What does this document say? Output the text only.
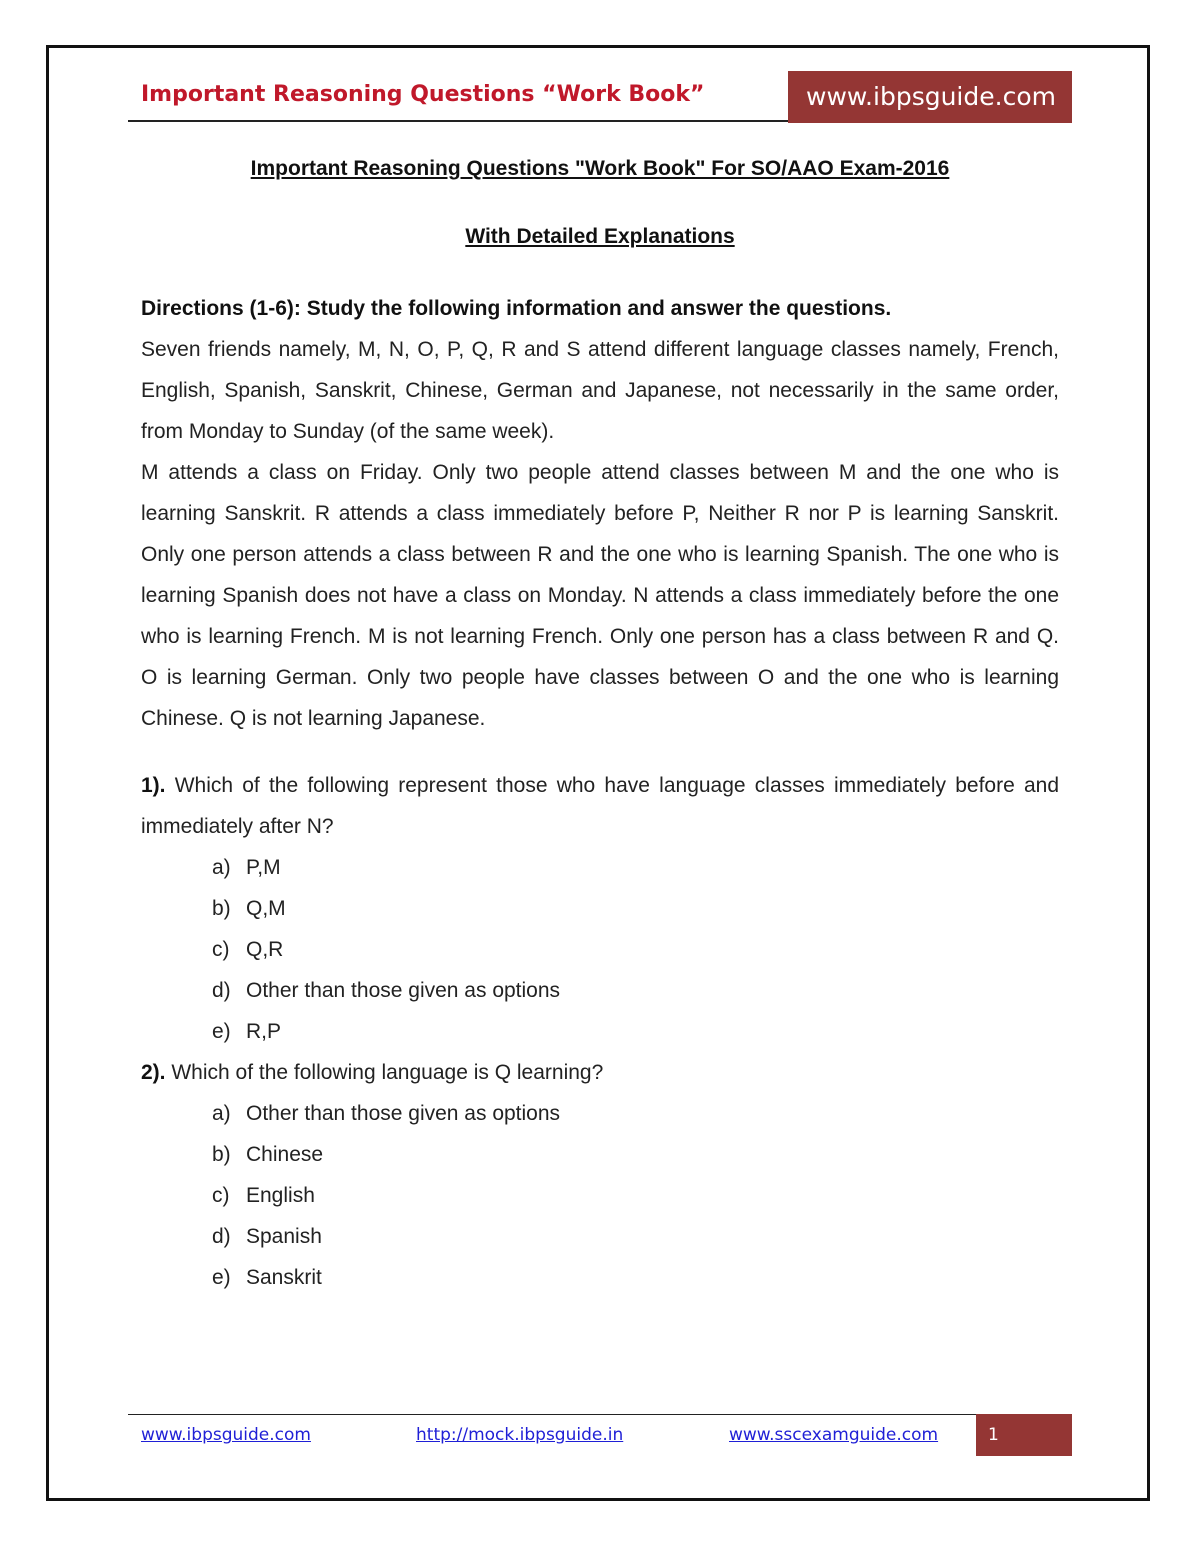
Important Reasoning Questions “Work Book”	www.ibpsguide.com
Important Reasoning Questions "Work Book" For SO/AAO Exam-2016
With Detailed Explanations

Directions (1-6): Study the following information and answer the questions.

Seven friends namely, M, N, O, P, Q, R and S attend different language classes namely, French, English, Spanish, Sanskrit, Chinese, German and Japanese, not necessarily in the same order, from Monday to Sunday (of the same week).

M attends a class on Friday. Only two people attend classes between M and the one who is learning Sanskrit. R attends a class immediately before P, Neither R nor P is learning Sanskrit. Only one person attends a class between R and the one who is learning Spanish. The one who is learning Spanish does not have a class on Monday. N attends a class immediately before the one who is learning French. M is not learning French. Only one person has a class between R and Q. O is learning German. Only two people have classes between O and the one who is learning Chinese. Q is not learning Japanese.

1). Which of the following represent those who have language classes immediately before and immediately after N?

a) P,M
b) Q,M
c) Q,R
d) Other than those given as options
e) R,P

2). Which of the following language is Q learning?

a) Other than those given as options
b) Chinese
c) English
d) Spanish
e) Sanskrit
www.ibpsguide.com	http://mock.ibpsguide.in	www.sscexamguide.com	1
